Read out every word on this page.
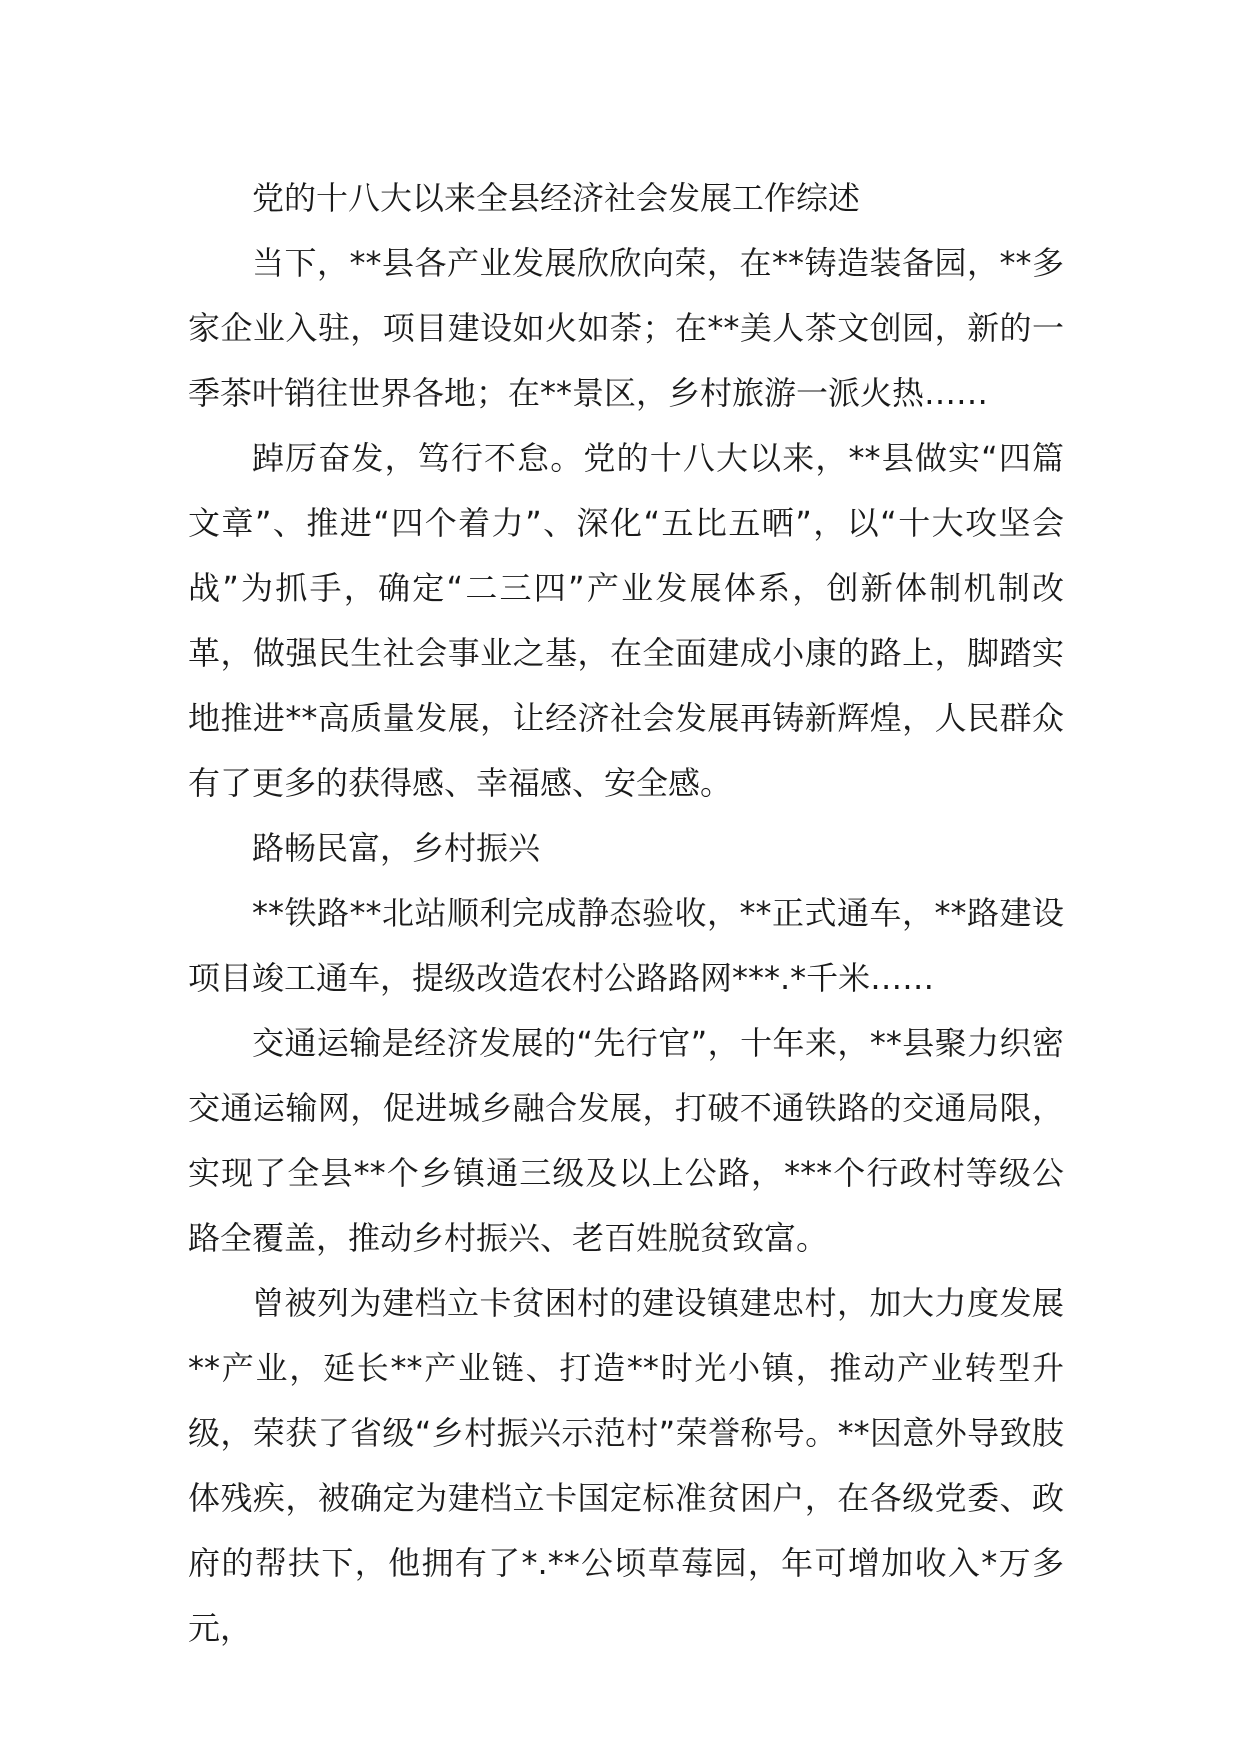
党的十八大以来全县经济社会发展工作综述

当下，**县各产业发展欣欣向荣，在**铸造装备园，**多家企业入驻，项目建设如火如荼；在**美人茶文创园，新的一季茶叶销往世界各地；在**景区，乡村旅游一派火热……

踔厉奋发，笃行不怠。党的十八大以来，**县做实“四篇文章”、推进“四个着力”、深化“五比五晒”，以“十大攻坚会战”为抓手，确定“二三四”产业发展体系，创新体制机制改革，做强民生社会事业之基，在全面建成小康的路上，脚踏实地推进**高质量发展，让经济社会发展再铸新辉煌，人民群众有了更多的获得感、幸福感、安全感。

路畅民富，乡村振兴

**铁路**北站顺利完成静态验收，**正式通车，**路建设项目竣工通车，提级改造农村公路路网***.*千米……

交通运输是经济发展的“先行官”，十年来，**县聚力织密交通运输网，促进城乡融合发展，打破不通铁路的交通局限，实现了全县**个乡镇通三级及以上公路，***个行政村等级公路全覆盖，推动乡村振兴、老百姓脱贫致富。

曾被列为建档立卡贫困村的建设镇建忠村，加大力度发展**产业，延长**产业链、打造**时光小镇，推动产业转型升级，荣获了省级“乡村振兴示范村”荣誉称号。**因意外导致肢体残疾，被确定为建档立卡国定标准贫困户，在各级党委、政府的帮扶下，他拥有了*.**公顷草莓园，年可增加收入*万多元，
